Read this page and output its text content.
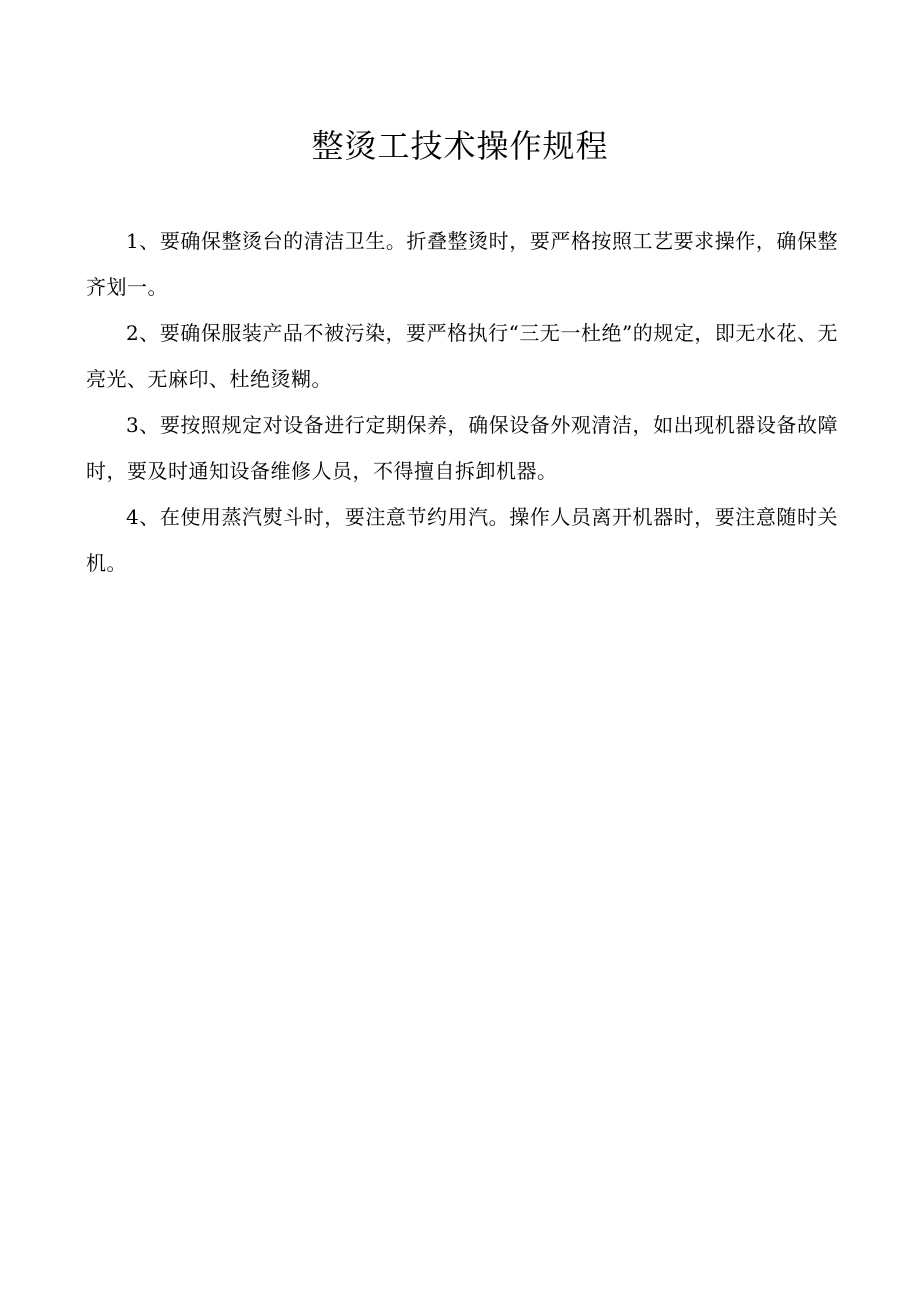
整烫工技术操作规程

1、要确保整烫台的清洁卫生。折叠整烫时，要严格按照工艺要求操作，确保整齐划一。

2、要确保服装产品不被污染，要严格执行“三无一杜绝”的规定，即无水花、无亮光、无麻印、杜绝烫糊。

3、要按照规定对设备进行定期保养，确保设备外观清洁，如出现机器设备故障时，要及时通知设备维修人员，不得擅自拆卸机器。

4、在使用蒸汽熨斗时，要注意节约用汽。操作人员离开机器时，要注意随时关机。
